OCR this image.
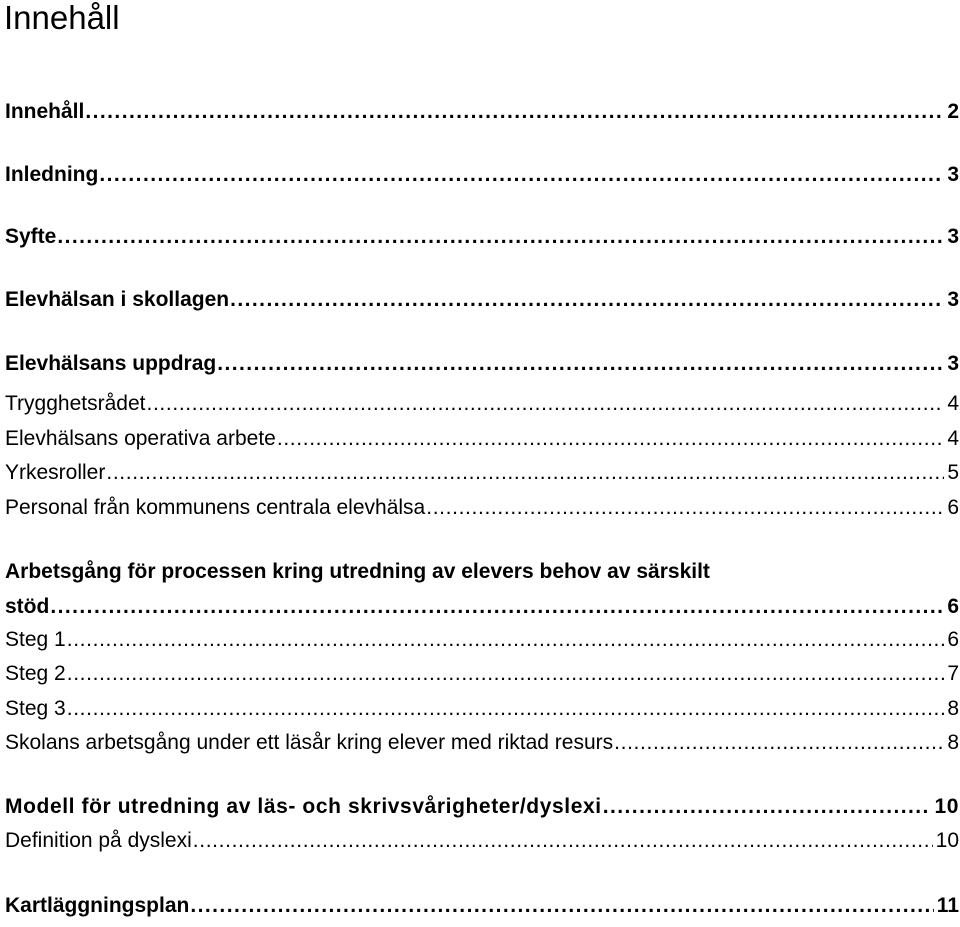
Innehåll
Innehåll . . .	2
Inledning . . .	3
Syfte . . .	3
Elevhälsan i skollagen . . .	3
Elevhälsans uppdrag . . .	3
Trygghetsrådet . . .	4
Elevhälsans operativa arbete . . .	4
Yrkesroller . . .	5
Personal från kommunens centrala elevhälsa . . .	6
Arbetsgång för processen kring utredning av elevers behov av särskilt
stöd . . .	6
Steg 1 . . .	6
Steg 2 . . .	7
Steg 3 . . .	8
Skolans arbetsgång under ett läsår kring elever med riktad resurs . . .	8
Modell för utredning av läs- och skrivsvårigheter/dyslexi . . .	10
Definition på dyslexi . . .	10
Kartläggningsplan . . .	11
